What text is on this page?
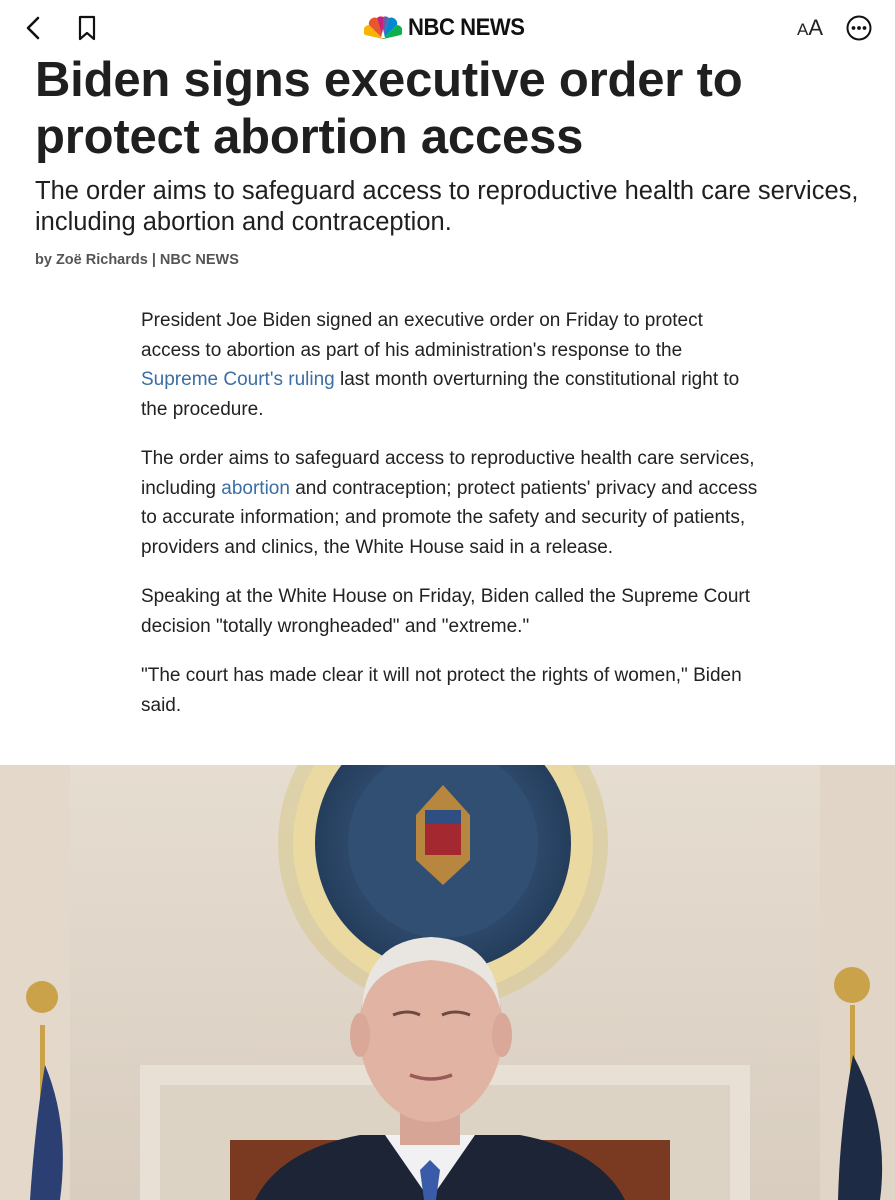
NBC NEWS	A A
Biden signs executive order to protect abortion access

The order aims to safeguard access to reproductive health care services, including abortion and contraception.

by Zoë Richards | NBC NEWS

President Joe Biden signed an executive order on Friday to protect access to abortion as part of his administration's response to the Supreme Court's ruling last month overturning the constitutional right to the procedure.

The order aims to safeguard access to reproductive health care services, including abortion and contraception; protect patients' privacy and access to accurate information; and promote the safety and security of patients, providers and clinics, the White House said in a release.

Speaking at the White House on Friday, Biden called the Supreme Court decision "totally wrongheaded" and "extreme."

"The court has made clear it will not protect the rights of women," Biden said.
